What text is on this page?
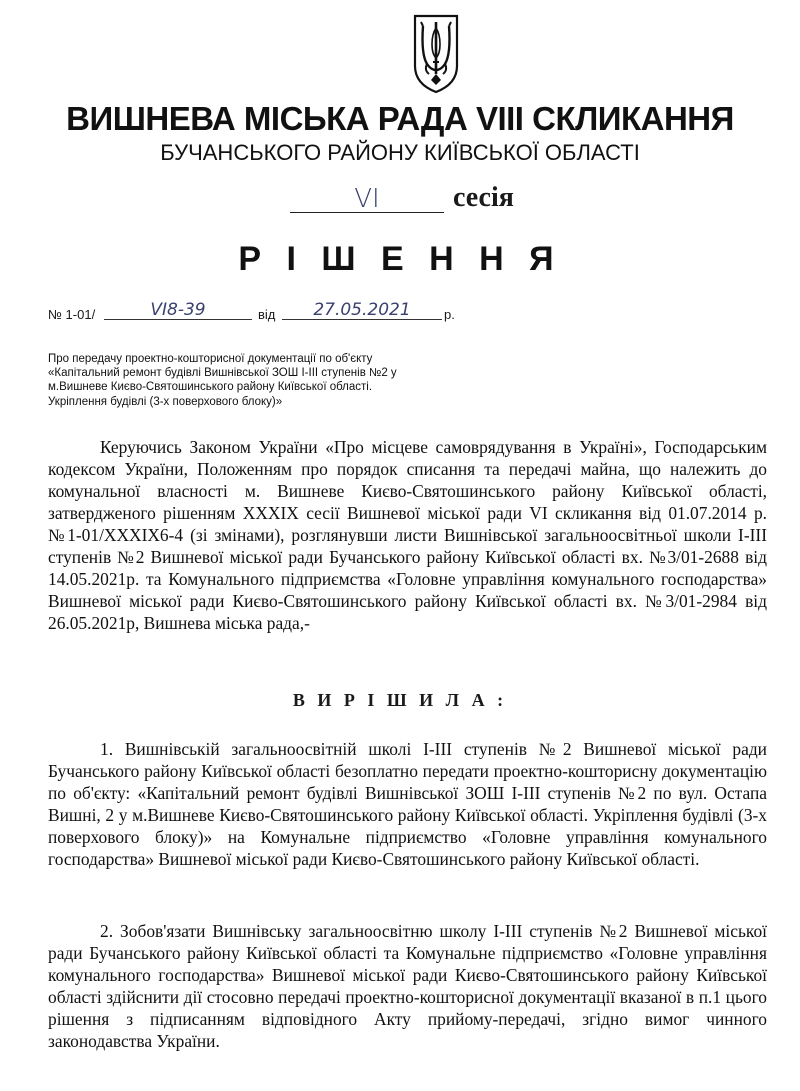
ВИШНЕВА МІСЬКА РАДА VIII СКЛИКАННЯ
БУЧАНСЬКОГО РАЙОНУ КИЇВСЬКОЇ ОБЛАСТІ
VI	сесія
Р І Ш Е Н Н Я
№ 1-01/	VI8-39	від	27.05.2021	р.
Про передачу проектно-кошторисної документації по об'єкту «Капітальний ремонт будівлі Вишнівської ЗОШ І-ІІІ ступенів №2 у м.Вишневе Києво-Святошинського району Київської області. Укріплення будівлі (3-х поверхового блоку)»
Керуючись Законом України «Про місцеве самоврядування в Україні», Господарським кодексом України, Положенням про порядок списання та передачі майна, що належить до комунальної власності м. Вишневе Києво-Святошинського району Київської області, затвердженого рішенням XXXIX сесії Вишневої міської ради VI скликання від 01.07.2014 р. №1-01/XXXIX6-4 (зі змінами), розглянувши листи Вишнівської загальноосвітньої школи І-ІІІ ступенів №2 Вишневої міської ради Бучанського району Київської області вх. №3/01-2688 від 14.05.2021р. та Комунального підприємства «Головне управління комунального господарства» Вишневої міської ради Києво-Святошинського району Київської області вх. №3/01-2984 від 26.05.2021р, Вишнева міська рада,-
В И Р І Ш И Л А :
1. Вишнівській загальноосвітній школі І-ІІІ ступенів №2 Вишневої міської ради Бучанського району Київської області безоплатно передати проектно-кошторисну документацію по об'єкту: «Капітальний ремонт будівлі Вишнівської ЗОШ І-ІІІ ступенів №2 по вул. Остапа Вишні, 2 у м.Вишневе Києво-Святошинського району Київської області. Укріплення будівлі (3-х поверхового блоку)» на Комунальне підприємство «Головне управління комунального господарства» Вишневої міської ради Києво-Святошинського району Київської області.
2. Зобов'язати Вишнівську загальноосвітню школу І-ІІІ ступенів №2 Вишневої міської ради Бучанського району Київської області та Комунальне підприємство «Головне управління комунального господарства» Вишневої міської ради Києво-Святошинського району Київської області здійснити дії стосовно передачі проектно-кошторисної документації вказаної в п.1 цього рішення з підписанням відповідного Акту прийому-передачі, згідно вимог чинного законодавства України.
